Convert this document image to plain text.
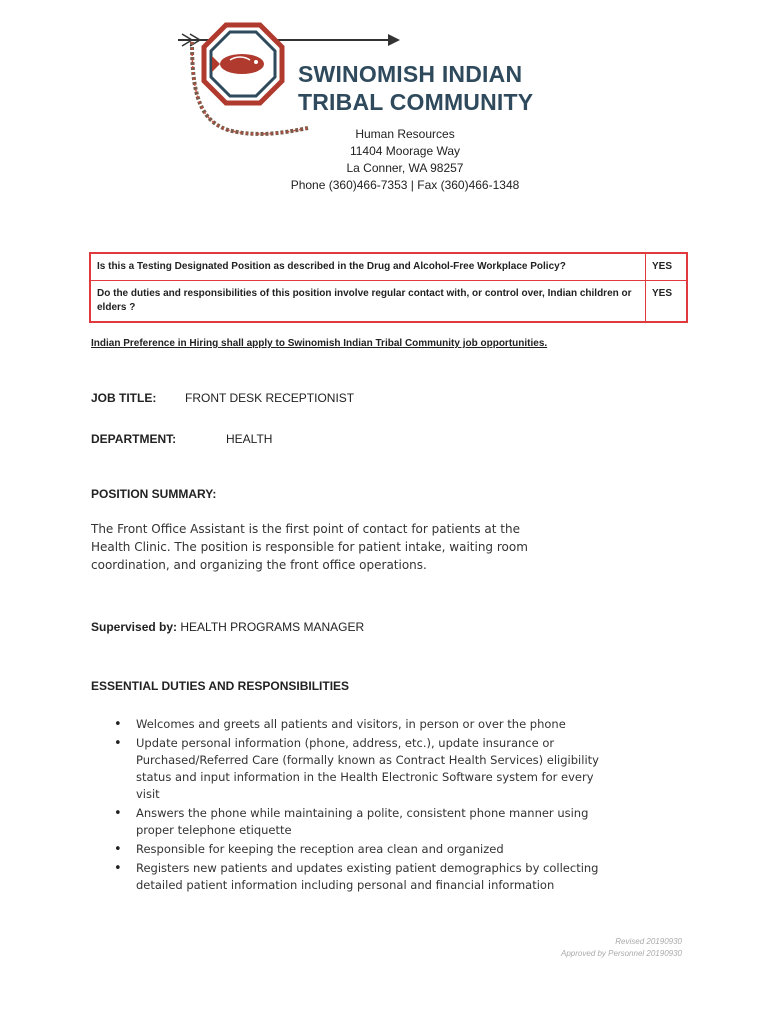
SWINOMISH INDIAN
TRIBAL COMMUNITY
Human Resources
11404 Moorage Way
La Conner, WA 98257
Phone (360)466-7353 | Fax (360)466-1348
Is this a Testing Designated Position as described in the Drug and Alcohol-Free Workplace Policy?	YES
Do the duties and responsibilities of this position involve regular contact with, or control over, Indian children or elders ?	YES
Indian Preference in Hiring shall apply to Swinomish Indian Tribal Community job opportunities.
JOB TITLE: FRONT DESK RECEPTIONIST
DEPARTMENT:	HEALTH
POSITION SUMMARY:
The Front Office Assistant is the first point of contact for patients at the Health Clinic. The position is responsible for patient intake, waiting room coordination, and organizing the front office operations.
Supervised by: HEALTH PROGRAMS MANAGER
ESSENTIAL DUTIES AND RESPONSIBILITIES
• Welcomes and greets all patients and visitors, in person or over the phone
• Update personal information (phone, address, etc.), update insurance or Purchased/Referred Care (formally known as Contract Health Services) eligibility status and input information in the Health Electronic Software system for every visit
• Answers the phone while maintaining a polite, consistent phone manner using proper telephone etiquette
• Responsible for keeping the reception area clean and organized
• Registers new patients and updates existing patient demographics by collecting detailed patient information including personal and financial information
Revised 20190930
Approved by Personnel 20190930
